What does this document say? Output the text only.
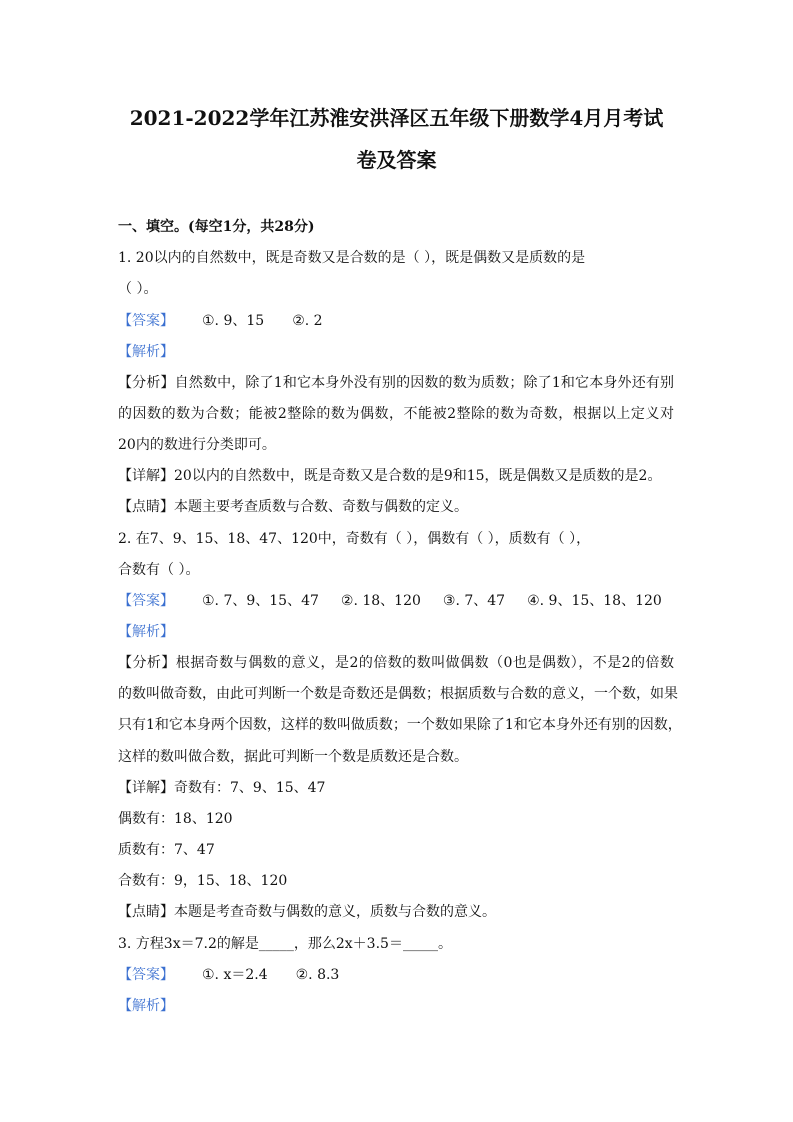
2021-2022学年江苏淮安洪泽区五年级下册数学4月月考试
卷及答案
一、填空。(每空1分，共28分)
1. 20以内的自然数中，既是奇数又是合数的是（ ），既是偶数又是质数的是
（ ）。
【答案】 ①. 9、15 ②. 2
【解析】
【分析】自然数中，除了1和它本身外没有别的因数的数为质数；除了1和它本身外还有别
的因数的数为合数；能被2整除的数为偶数，不能被2整除的数为奇数，根据以上定义对
20内的数进行分类即可。
【详解】20以内的自然数中，既是奇数又是合数的是9和15，既是偶数又是质数的是2。
【点睛】本题主要考查质数与合数、奇数与偶数的定义。
2. 在7、9、15、18、47、120中，奇数有（ ），偶数有（ ），质数有（ ），
合数有（ ）。
【答案】 ①. 7、9、15、47 ②. 18、120 ③. 7、47 ④. 9、15、18、120
【解析】
【分析】根据奇数与偶数的意义，是2的倍数的数叫做偶数（0也是偶数），不是2的倍数
的数叫做奇数，由此可判断一个数是奇数还是偶数；根据质数与合数的意义，一个数，如果
只有1和它本身两个因数，这样的数叫做质数；一个数如果除了1和它本身外还有别的因数，
这样的数叫做合数，据此可判断一个数是质数还是合数。
【详解】奇数有：7、9、15、47
偶数有：18、120
质数有：7、47
合数有：9，15、18、120
【点睛】本题是考查奇数与偶数的意义，质数与合数的意义。
3. 方程3x＝7.2的解是_____，那么2x＋3.5＝_____。
【答案】 ①. x＝2.4 ②. 8.3
【解析】
